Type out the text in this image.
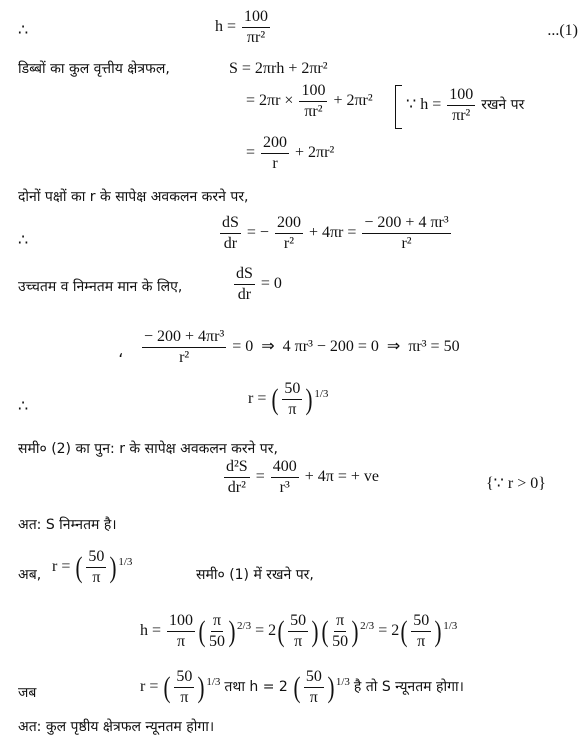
∴	$h = \frac{100}{\text{πr²}}$	...(1)
डिब्बों का कुल वृत्तीय क्षेत्रफल,	S = 2πrh + 2πr²
= $2\pi r \times \frac{100}{\text{πr²}} + 2\pi r^2$ ∵ $h = \frac{100}{\text{πr²}}$ रखने पर
= $\frac{200}{r} + 2\pi r^2$
दोनों पक्षों का r के सापेक्ष अवकलन करने पर,
∴	$\frac{dS}{dr}$ = − $\frac{200}{\text{r²}} + 4\pi r = \frac{\text{− 200 + 4 πr³}}{\text{r²}}$
उच्चतम व निम्नतम मान के लिए,	$\frac{dS}{dr} = 0$
، $\frac{\text{− 200 + 4πr³}}{\text{r²}} = 0$  ⇒  4 πr³ − 200 = 0  ⇒  πr³ = 50
∴	r = ( $\frac{50}{\pi}$ ) $^{1/3}$
समी० (2) का पुन: r के सापेक्ष अवकलन करने पर,
$\frac{\text{d²S}}{\text{dr²}} = \frac{400}{\text{r³}} + 4\pi$ = + ve	{∵ r > 0}
अत: S निम्नतम है।
अब, r = ( $\frac{50}{\pi}$ ) $^{1/3}$
समी० (1) में रखने पर,
$h = \frac{100}{\pi}$ ( $\frac{\pi}{50}$ ) $^{2/3} = 2( \frac{50}{\pi}$ ) ( $\frac{\pi}{50}$ ) $^{2/3} = 2( \frac{50}{\pi}$ ) $^{1/3}$
जब	r = ( $\frac{50}{\pi}$ ) $^{1/3}$ तथा h = 2 ( $\frac{50}{\pi}$ ) $^{1/3}$ है तो S न्यूनतम होगा।
अत: कुल पृष्ठीय क्षेत्रफल न्यूनतम होगा।
